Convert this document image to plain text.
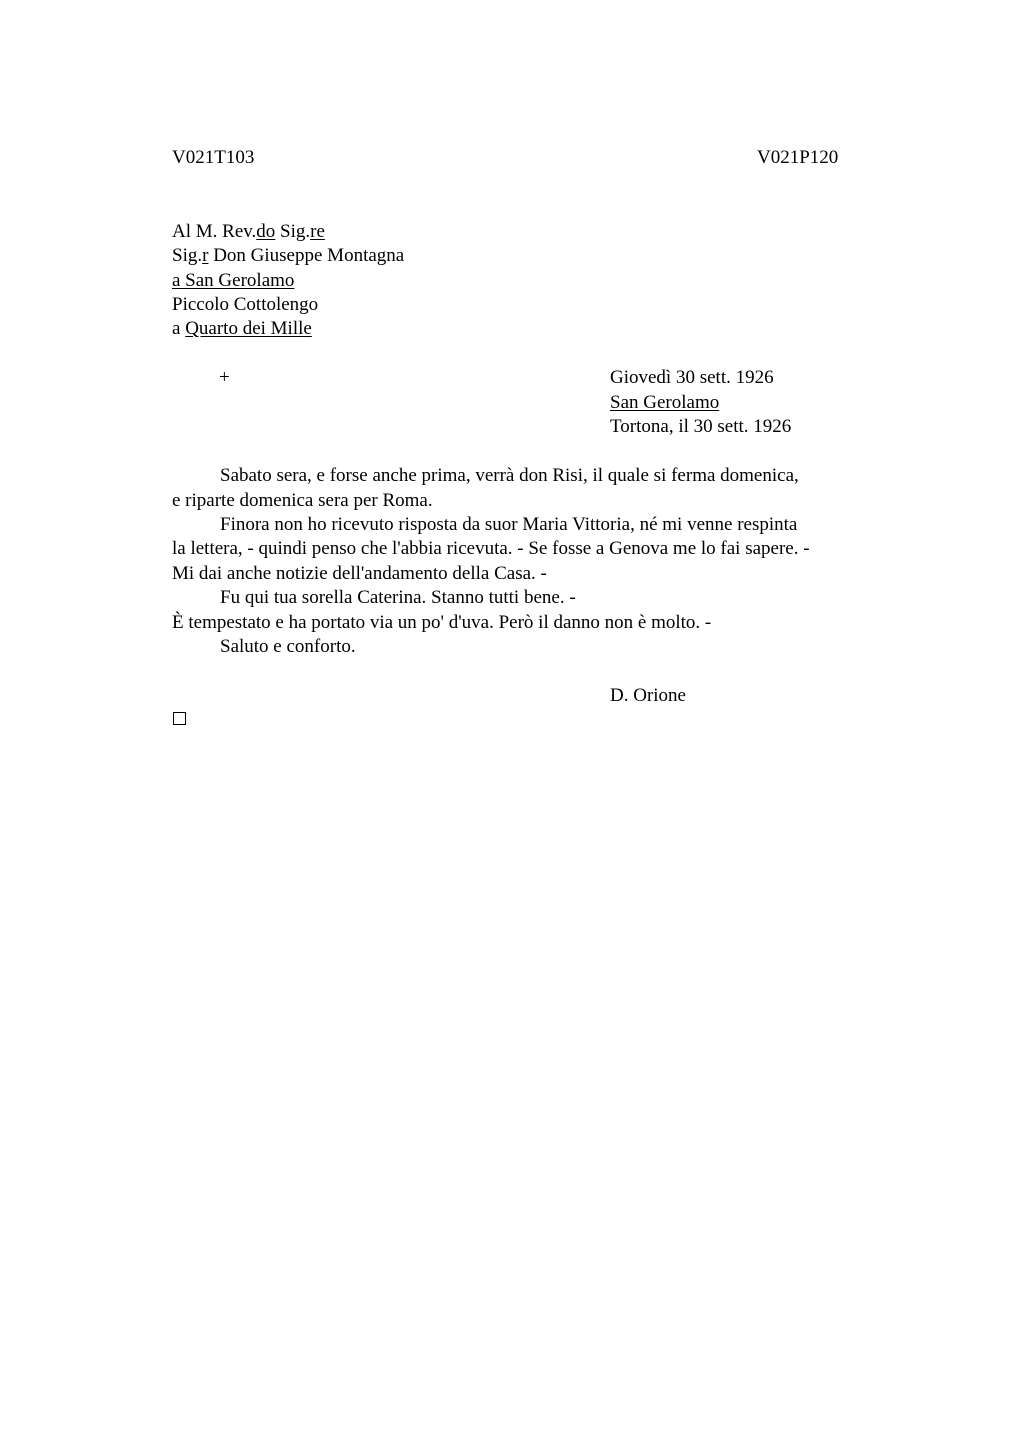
V021T103	V021P120
Al M. Rev.do Sig.re
Sig.r Don Giuseppe Montagna
a San Gerolamo
Piccolo Cottolengo
a Quarto dei Mille
+	Giovedì 30 sett. 1926
San Gerolamo
Tortona, il 30 sett. 1926
Sabato sera, e forse anche prima, verrà don Risi, il quale si ferma domenica,
e riparte domenica sera per Roma.
Finora non ho ricevuto risposta da suor Maria Vittoria, né mi venne respinta
la lettera, - quindi penso che l'abbia ricevuta. - Se fosse a Genova me lo fai sapere. -
Mi dai anche notizie dell'andamento della Casa. -
Fu qui tua sorella Caterina. Stanno tutti bene. -
È tempestato e ha portato via un po' d'uva. Però il danno non è molto. -
Saluto e conforto.
D. Orione
